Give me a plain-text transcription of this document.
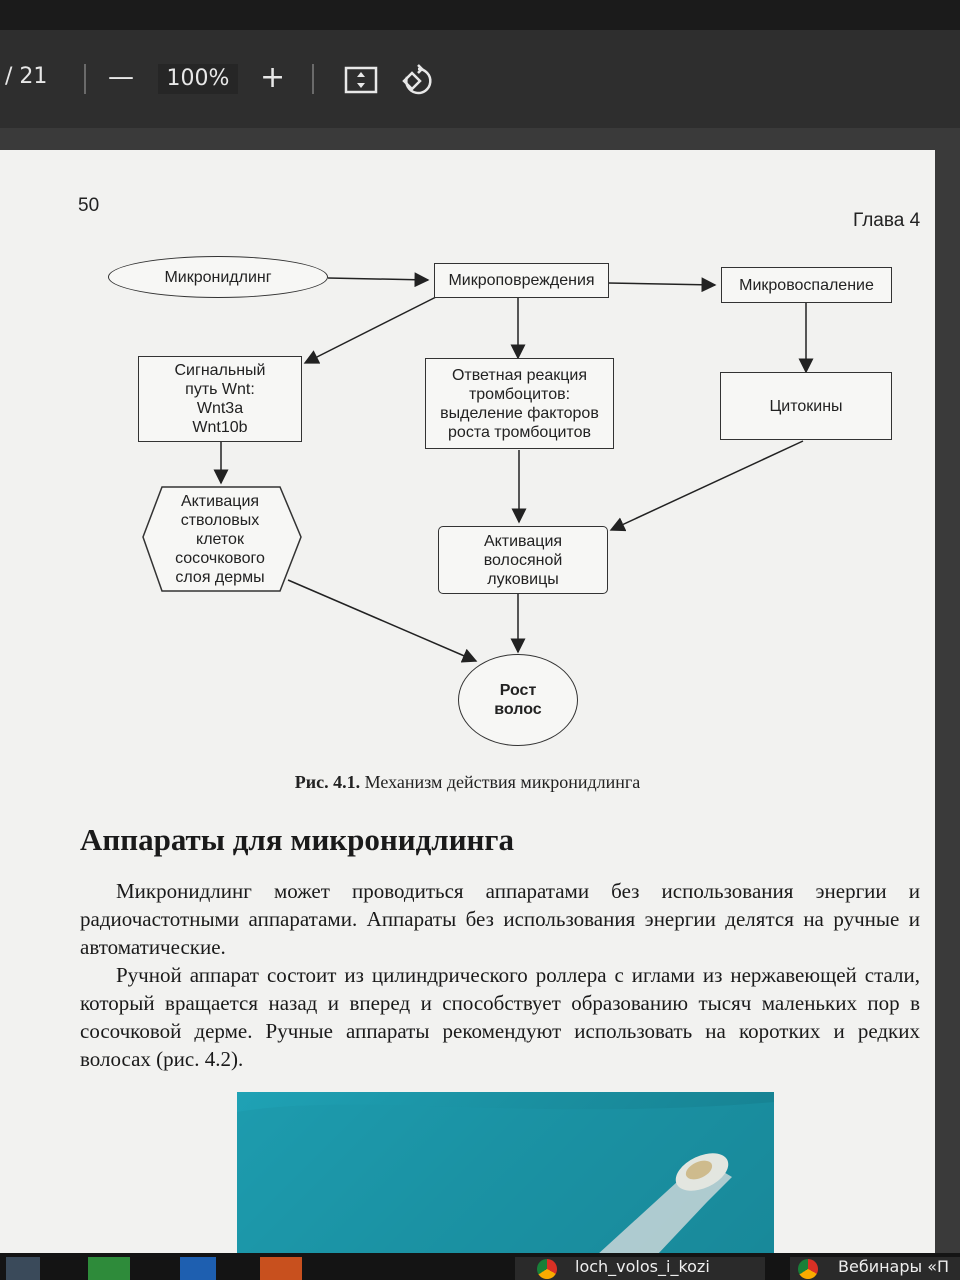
/ 21 —	100% +
50
Глава 4
Микронидлинг	Микроповреждения	Микровоспаление
Сигнальный
путь Wnt:
Wnt3a
Wnt10b
Ответная реакция
тромбоцитов:
выделение факторов
роста тромбоцитов
Цитокины
Активация
стволовых
клеток
сосочкового
слоя дермы
Активация
волосяной
луковицы
Рост
волос
Рис. 4.1. Механизм действия микронидлинга
Аппараты для микронидлинга
Микронидлинг может проводиться аппаратами без использования энергии и радиочастотными аппаратами. Аппараты без использования энергии делятся на ручные и автоматические.
Ручной аппарат состоит из цилиндрического роллера с иглами из нержавеющей стали, который вращается назад и вперед и способствует образованию тысяч маленьких пор в сосочковой дерме. Ручные аппараты рекомендуют использовать на коротких и редких волосах (рис. 4.2).
loch_volos_i_kozi	Вебинары «П
